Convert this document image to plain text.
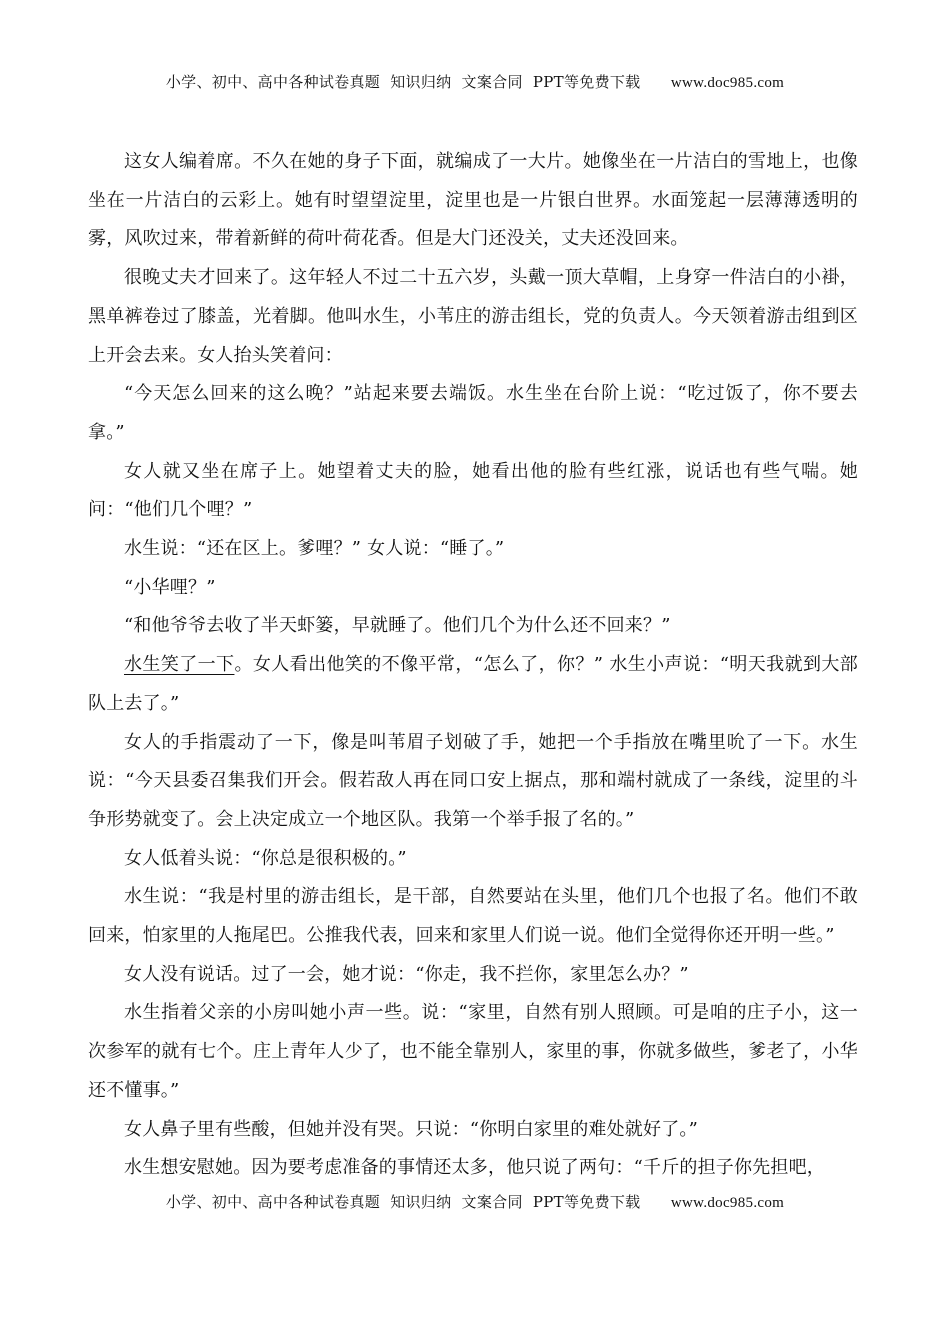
小学、初中、高中各种试卷真题  知识归纳  文案合同  PPT等免费下载 www.doc985.com

这女人编着席。不久在她的身子下面，就编成了一大片。她像坐在一片洁白的雪地上，也像坐在一片洁白的云彩上。她有时望望淀里，淀里也是一片银白世界。水面笼起一层薄薄透明的雾，风吹过来，带着新鲜的荷叶荷花香。但是大门还没关，丈夫还没回来。

很晚丈夫才回来了。这年轻人不过二十五六岁，头戴一顶大草帽，上身穿一件洁白的小褂，黑单裤卷过了膝盖，光着脚。他叫水生，小苇庄的游击组长，党的负责人。今天领着游击组到区上开会去来。女人抬头笑着问：

“今天怎么回来的这么晚？”站起来要去端饭。水生坐在台阶上说：“吃过饭了，你不要去拿。”

女人就又坐在席子上。她望着丈夫的脸，她看出他的脸有些红涨，说话也有些气喘。她问：“他们几个哩？”

水生说：“还在区上。爹哩？” 女人说：“睡了。”

“小华哩？”

“和他爷爷去收了半天虾篓，早就睡了。他们几个为什么还不回来？”

水生笑了一下。女人看出他笑的不像平常，“怎么了，你？” 水生小声说：“明天我就到大部队上去了。”

女人的手指震动了一下，像是叫苇眉子划破了手，她把一个手指放在嘴里吮了一下。水生说：“今天县委召集我们开会。假若敌人再在同口安上据点，那和端村就成了一条线，淀里的斗争形势就变了。会上决定成立一个地区队。我第一个举手报了名的。”

女人低着头说：“你总是很积极的。”

水生说：“我是村里的游击组长，是干部，自然要站在头里，他们几个也报了名。他们不敢回来，怕家里的人拖尾巴。公推我代表，回来和家里人们说一说。他们全觉得你还开明一些。”

女人没有说话。过了一会，她才说：“你走，我不拦你，家里怎么办？”

水生指着父亲的小房叫她小声一些。说：“家里，自然有别人照顾。可是咱的庄子小，这一次参军的就有七个。庄上青年人少了，也不能全靠别人，家里的事，你就多做些，爹老了，小华还不懂事。”

女人鼻子里有些酸，但她并没有哭。只说：“你明白家里的难处就好了。”

水生想安慰她。因为要考虑准备的事情还太多，他只说了两句：“千斤的担子你先担吧，

小学、初中、高中各种试卷真题  知识归纳  文案合同  PPT等免费下载 www.doc985.com
